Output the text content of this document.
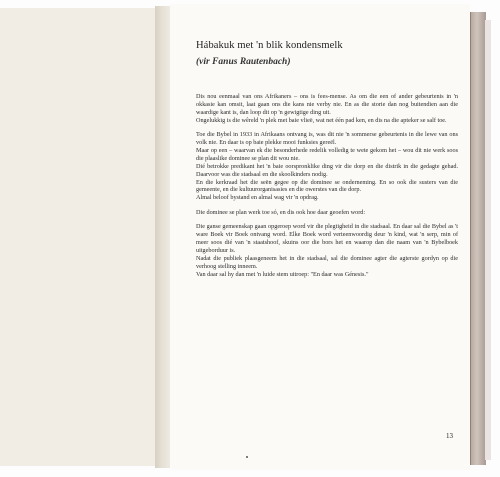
Hábakuk met 'n blik kondensmelk
(vir Fanus Rautenbach)

Dis nou eenmaal van ons Afrikaners – ons is fees-mense. As om die een of ander gebeurtenis in 'n okkasie kan omsit, laat gaan ons die kans nie verby nie. En as die storie dan nog buitendien aan die waardige kant is, dan loop dit op 'n gewigtige ding uit.

Ongelukkig is die wêreld 'n plek met baie vlieë, wat net één pad ken, en dis na die apteker se salf toe.

Toe die Bybel in 1933 in Afrikaans ontvang is, was dit nie 'n sommerse gebeurtenis in die lewe van ons volk nie. En daar is op baie plekke mooi funksies gereël.

Maar op een – waarvan ek die besonderhede redelik volledig te wete gekom het – wou dit nie werk soos die plaaslike dominee se plan dit wou nie.

Dié betrokke predikant het 'n baie oorspronklike ding vir die dorp en die distrik in die gedagte gehad. Daarvoor was die stadsaal en die skoolkinders nodig.

En die kerkraad het die seën gegee op die dominee se onderneming. En so ook die susters van die gemeente, en die kultuurorganisasies en die owerstes van die dorp.

Almal beloof bystand en almal wag vir 'n opdrag.

Die dominee se plan werk toe só, en dis ook hoe daar geoefen word:

Die ganse gemeenskap gaan opgeroep word vir die plegtigheid in die stadsaal. En daar sal die Bybel as 't ware Boek vir Boek ontvang word. Elke Boek word verteenwoordig deur 'n kind, wat 'n serp, min of meer soos dié van 'n staatshoof, skuins oor die bors het en waarop dan die naam van 'n Bybelboek uitgeborduur is.

Nadat die publiek plaasgeneem het in die stadsaal, sal die dominee agter die agterste gordyn op die verhoog stelling inneem.

Van daar sal hy dan met 'n luide stem uitroep: "En daar was Génesis."

13
